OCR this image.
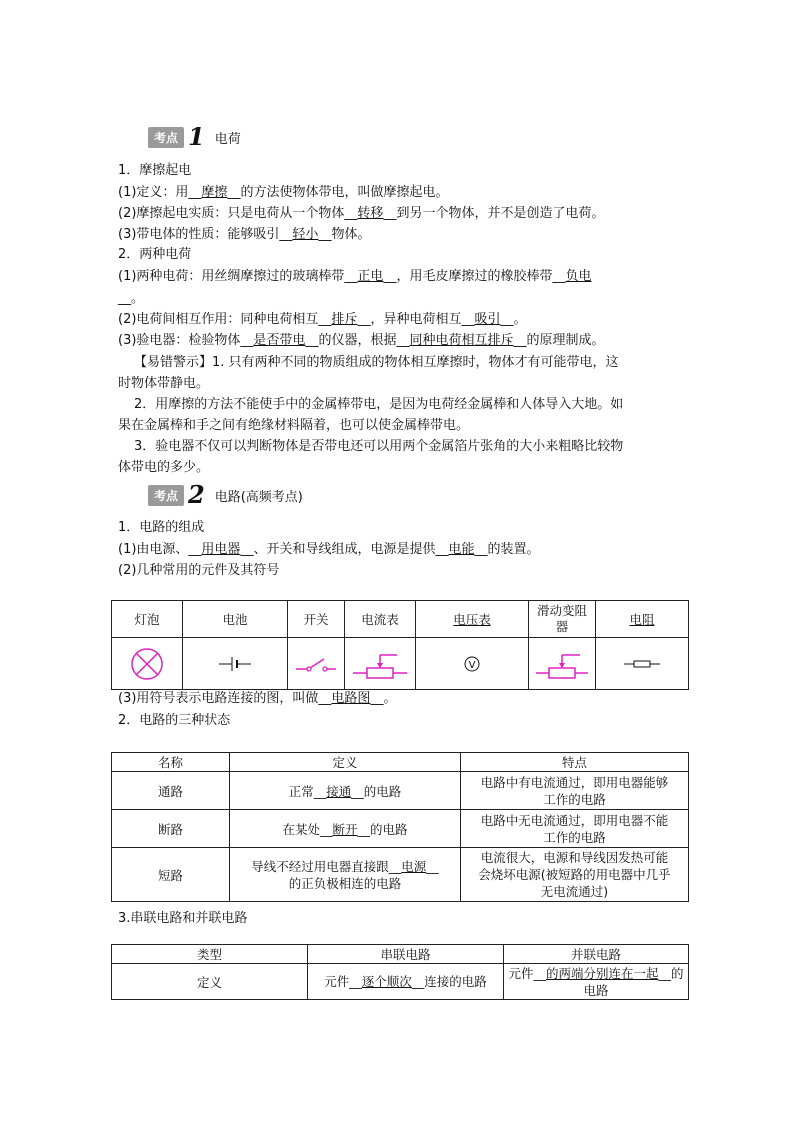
考点 1 电荷
1．摩擦起电
(1)定义：用__摩擦__的方法使物体带电，叫做摩擦起电。
(2)摩擦起电实质：只是电荷从一个物体__转移__到另一个物体，并不是创造了电荷。
(3)带电体的性质：能够吸引__轻小__物体。
2．两种电荷
(1)两种电荷：用丝绸摩擦过的玻璃棒带__正电__，用毛皮摩擦过的橡胶棒带__负电
__。
(2)电荷间相互作用：同种电荷相互__排斥__，异种电荷相互__吸引__。
(3)验电器：检验物体__是否带电__的仪器，根据__同种电荷相互排斥__的原理制成。
【易错警示】1. 只有两种不同的物质组成的物体相互摩擦时，物体才有可能带电，这
时物体带静电。
2．用摩擦的方法不能使手中的金属棒带电，是因为电荷经金属棒和人体导入大地。如
果在金属棒和手之间有绝缘材料隔着，也可以使金属棒带电。
3．验电器不仅可以判断物体是否带电还可以用两个金属箔片张角的大小来粗略比较物
体带电的多少。
考点 2 电路(高频考点)
1．电路的组成
(1)由电源、__用电器__、开关和导线组成，电源是提供__电能__的装置。
(2)几种常用的元件及其符号
灯泡	电池	开关	电流表	电压表	滑动变阻器	电阻

V

(3)用符号表示电路连接的图，叫做__电路图__。
2．电路的三种状态
名称	定义	特点
通路	正常__接通__的电路	电路中有电流通过，即用电器能够工作的电路
断路	在某处__断开__的电路	电路中无电流通过，即用电器不能工作的电路
短路	导线不经过用电器直接跟__电源__
的正负极相连的电路	电流很大，电源和导线因发热可能会烧坏电源(被短路的用电器中几乎无电流通过)
3.串联电路和并联电路
类型	串联电路	并联电路
定义	元件__逐个顺次__连接的电路	元件__的两端分别连在一起__的电路
